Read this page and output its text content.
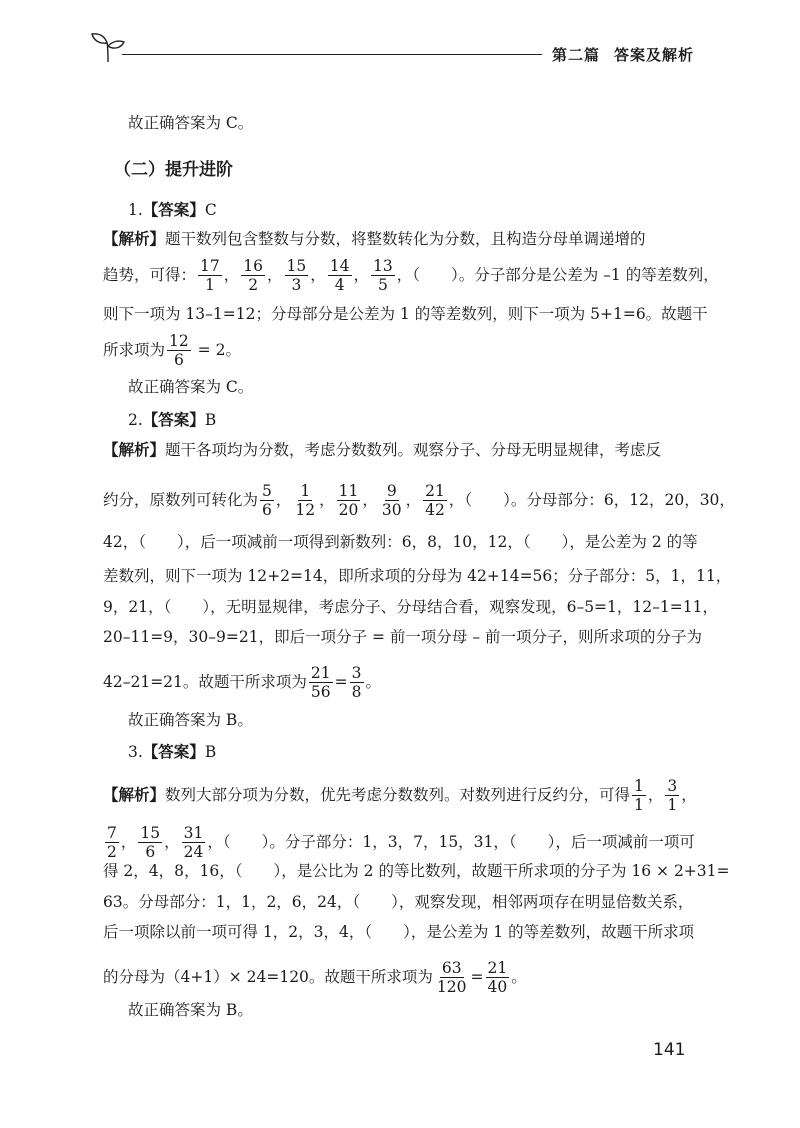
第二篇 答案及解析
故正确答案为 C。
（二）提升进阶
1.【答案】C
【解析】题干数列包含整数与分数，将整数转化为分数，且构造分母单调递增的
趋势，可得： $\frac{17}{1}$ ， $\frac{16}{2}$ ， $\frac{15}{3}$ ， $\frac{14}{4}$ ， $\frac{13}{5}$ ，（　　）。分子部分是公差为 –1 的等差数列，
则下一项为 13–1=12；分母部分是公差为 1 的等差数列，则下一项为 5+1=6。故题干
所求项为 $\frac{12}{6} = 2$。
故正确答案为 C。
2.【答案】B
【解析】题干各项均为分数，考虑分数数列。观察分子、分母无明显规律，考虑反
约分，原数列可转化为 $\frac{5}{6}$ ， $\frac{1}{12}$ ， $\frac{11}{20}$ ， $\frac{9}{30}$ ， $\frac{21}{42}$ ，（　　）。分母部分：6，12，20，30，
42，（　　），后一项减前一项得到新数列：6，8，10，12，（　　），是公差为 2 的等
差数列，则下一项为 12+2=14，即所求项的分母为 42+14=56；分子部分：5，1，11，
9，21，（　　），无明显规律，考虑分子、分母结合看，观察发现，6–5=1，12–1=11，
20–11=9，30–9=21，即后一项分子 = 前一项分母 – 前一项分子，则所求项的分子为
42–21=21。故题干所求项为 $\frac{21}{56} = \frac{3}{8}$ 。
故正确答案为 B。
3.【答案】B
【解析】数列大部分项为分数，优先考虑分数数列。对数列进行反约分，可得 $\frac{1}{1}$ ， $\frac{3}{1}$ ，
$\frac{7}{2}$ ， $\frac{15}{6}$ ， $\frac{31}{24}$ ，（　　）。分子部分：1，3，7，15，31，（　　），后一项减前一项可
得 2，4，8，16，（　　），是公比为 2 的等比数列，故题干所求项的分子为 16 × 2+31=
63。分母部分：1，1，2，6，24，（　　），观察发现，相邻两项存在明显倍数关系，
后一项除以前一项可得 1，2，3，4，（　　），是公差为 1 的等差数列，故题干所求项
的分母为（4+1）× 24=120。故题干所求项为 $\frac{63}{120} = \frac{21}{40}$ 。
故正确答案为 B。
141
